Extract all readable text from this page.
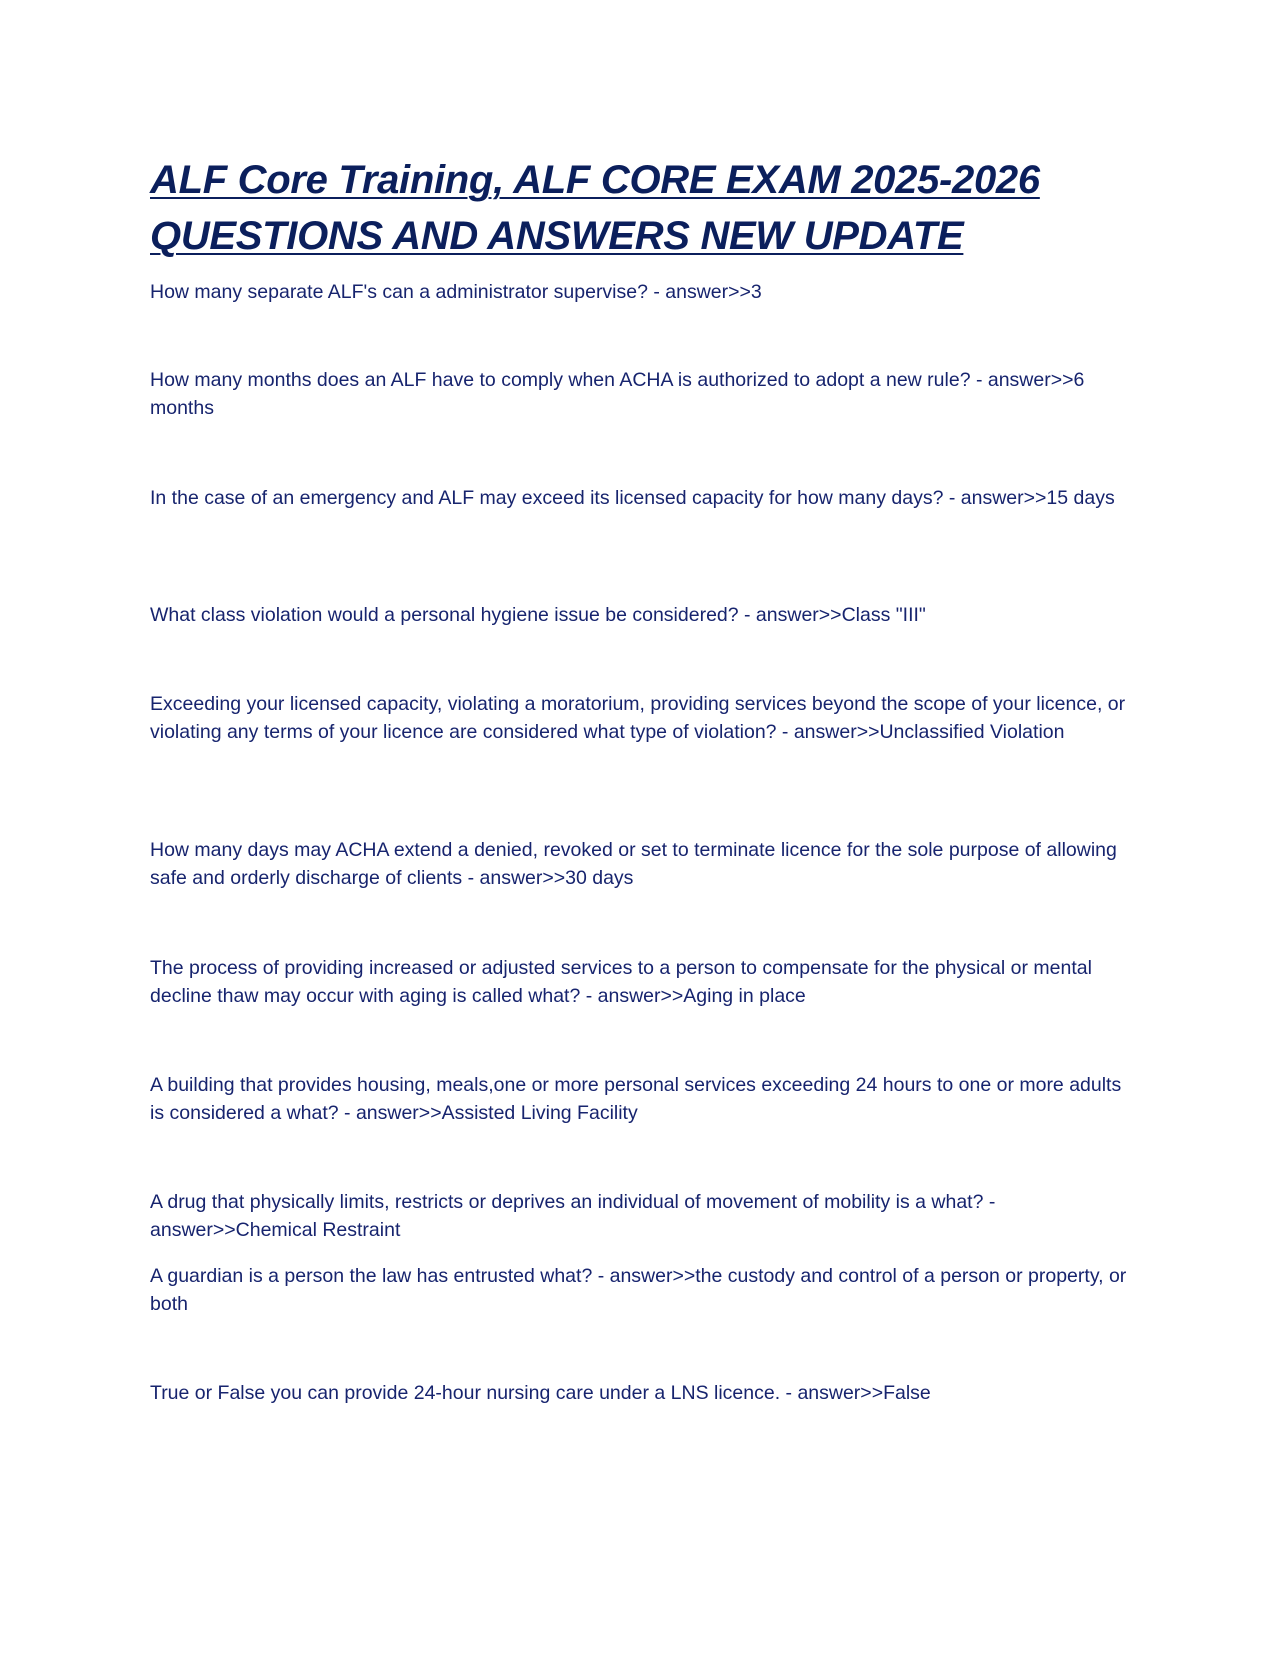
ALF Core Training, ALF CORE EXAM 2025-2026
QUESTIONS AND ANSWERS NEW UPDATE

How many separate ALF's can a administrator supervise? - answer>>3

How many months does an ALF have to comply when ACHA is authorized to adopt a new rule? - answer>>6 months

In the case of an emergency and ALF may exceed its licensed capacity for how many days? - answer>>15 days

What class violation would a personal hygiene issue be considered? - answer>>Class "III"

Exceeding your licensed capacity, violating a moratorium, providing services beyond the scope of your licence, or violating any terms of your licence are considered what type of violation? - answer>>Unclassified Violation

How many days may ACHA extend a denied, revoked or set to terminate licence for the sole purpose of allowing safe and orderly discharge of clients - answer>>30 days

The process of providing increased or adjusted services to a person to compensate for the physical or mental decline thaw may occur with aging is called what? - answer>>Aging in place

A building that provides housing, meals,one or more personal services exceeding 24 hours to one or more adults is considered a what? - answer>>Assisted Living Facility

A drug that physically limits, restricts or deprives an individual of movement of mobility is a what? - answer>>Chemical Restraint

A guardian is a person the law has entrusted what? - answer>>the custody and control of a person or property, or both

True or False you can provide 24-hour nursing care under a LNS licence. - answer>>False
